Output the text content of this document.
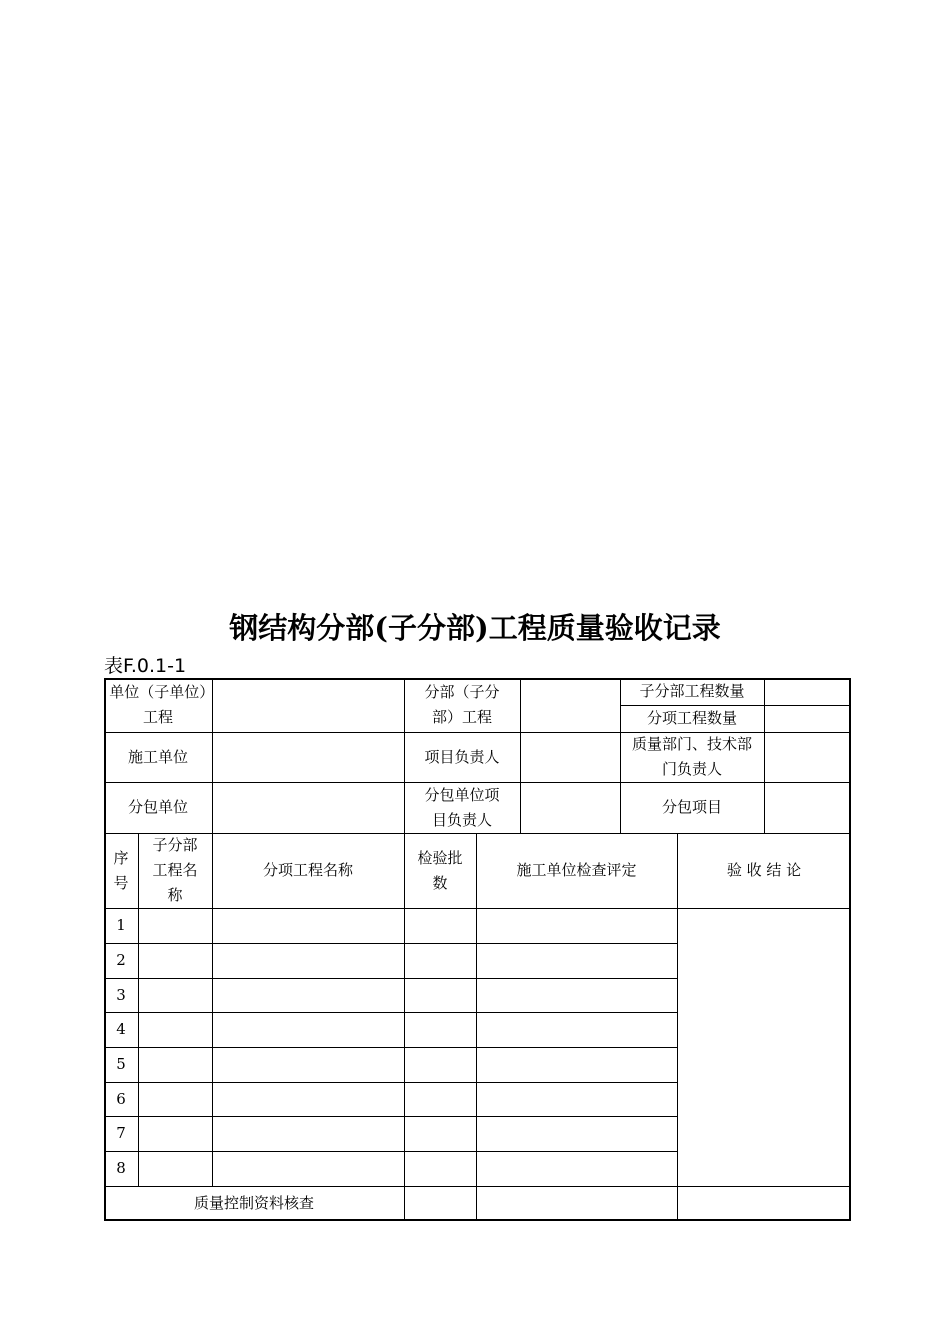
钢结构分部(子分部)工程质量验收记录
表F.0.1-1
单位（子单位）工程
分部（子分部）工程
子分部工程数量
分项工程数量
施工单位	项目负责人
质量部门、技术部门负责人
分包单位
分包单位项目负责人
分包项目
序号
子分部工程名称
分项工程名称
检验批数
施工单位检查评定	验 收 结 论
1
2
3
4
5
6
7
8
质量控制资料核查
